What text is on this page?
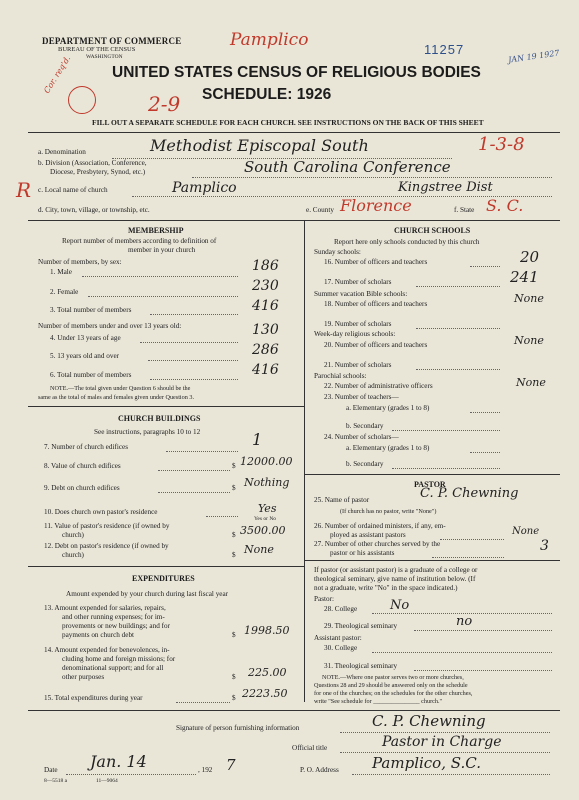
DEPARTMENT OF COMMERCE
BUREAU OF THE CENSUS
WASHINGTON
Pamplico	11257	JAN 19 1927
Cor. req'd.	UNITED STATES CENSUS OF RELIGIOUS BODIES
SCHEDULE: 1926
2-9
FILL OUT A SEPARATE SCHEDULE FOR EACH CHURCH. SEE INSTRUCTIONS ON THE BACK OF THIS SHEET
a. Denomination	Methodist Episcopal South	1-3-8
b. Division (Association, Conference,
Diocese, Presbytery, Synod, etc.)	South Carolina Conference
c. Local name of church	Pamplico	Kingstree Dist
d. City, town, village, or township, etc.	e. County Florence	f. State S. C.
R
MEMBERSHIP
Report number of members according to definition of
member in your church
Number of members, by sex:
1. Male	186
2. Female	230
3. Total number of members	416
Number of members under and over 13 years old:
4. Under 13 years of age	130
5. 13 years old and over	286
6. Total number of members	416
NOTE.—The total given under Question 6 should be the
same as the total of males and females given under Question 3.
CHURCH BUILDINGS
See instructions, paragraphs 10 to 12
7. Number of church edifices	1
8. Value of church edifices	$ 12000.00
9. Debt on church edifices	$ Nothing
10. Does church own pastor's residence	Yes
Yes or No
11. Value of pastor's residence (if owned by
church)	$ 3500.00
12. Debt on pastor's residence (if owned by
church)	$ None
EXPENDITURES
Amount expended by your church during last fiscal year
13. Amount expended for salaries, repairs,
and other running expenses; for im-
provements or new buildings; and for
payments on church debt	$ 1998.50
14. Amount expended for benevolences, in-
cluding home and foreign missions; for
denominational support; and for all
other purposes	$ 225.00
15. Total expenditures during year	$ 2223.50
CHURCH SCHOOLS
Report here only schools conducted by this church
Sunday schools:
16. Number of officers and teachers	20
17. Number of scholars	241
Summer vacation Bible schools:
18. Number of officers and teachers	None
19. Number of scholars
Week-day religious schools:
20. Number of officers and teachers	None
21. Number of scholars
Parochial schools:
22. Number of administrative officers	None
23. Number of teachers—
a. Elementary (grades 1 to 8)
b. Secondary
24. Number of scholars—
a. Elementary (grades 1 to 8)
b. Secondary
PASTOR
25. Name of pastor	C. P. Chewning
(If church has no pastor, write "None")
26. Number of ordained ministers, if any, em-
ployed as assistant pastors	None
27. Number of other churches served by the
pastor or his assistants	3
If pastor (or assistant pastor) is a graduate of a college or
theological seminary, give name of institution below. (If
not a graduate, write "No" in the space indicated.)
Pastor:
28. College	No
29. Theological seminary	no
Assistant pastor:
30. College
31. Theological seminary
NOTE.—Where one pastor serves two or more churches,
Questions 28 and 29 should be answered only on the schedule
for one of the churches; on the schedules for the other churches,
write "See schedule for _______________ church."
Signature of person furnishing information	C. P. Chewning
Official title	Pastor in Charge
Date Jan. 14	, 192 7	P. O. Address Pamplico, S.C.
8—5518 a	11—9064
